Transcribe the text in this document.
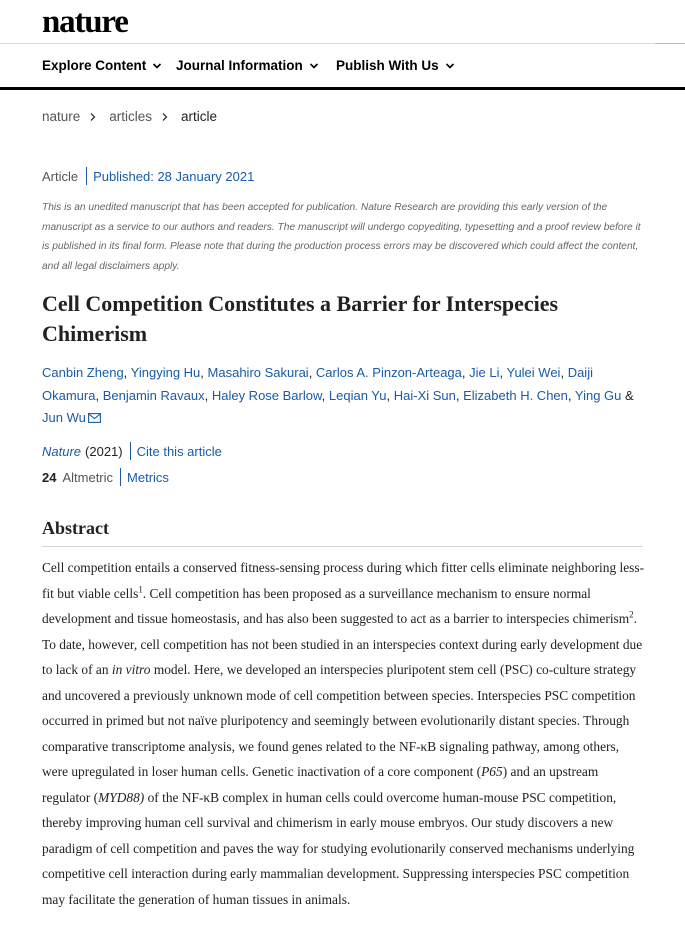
nature
Explore Content Journal Information Publish With Us
nature articles article
Article Published: 28 January 2021
This is an unedited manuscript that has been accepted for publication. Nature Research are providing this early version of the manuscript as a service to our authors and readers. The manuscript will undergo copyediting, typesetting and a proof review before it is published in its final form. Please note that during the production process errors may be discovered which could affect the content, and all legal disclaimers apply.
Cell Competition Constitutes a Barrier for Interspecies Chimerism
Canbin Zheng, Yingying Hu, Masahiro Sakurai, Carlos A. Pinzon-Arteaga, Jie Li, Yulei Wei, Daiji Okamura, Benjamin Ravaux, Haley Rose Barlow, Leqian Yu, Hai-Xi Sun, Elizabeth H. Chen, Ying Gu & Jun Wu
Nature (2021) Cite this article
24 Altmetric Metrics
Abstract

Cell competition entails a conserved fitness-sensing process during which fitter cells eliminate neighboring less-fit but viable cells$^1$. Cell competition has been proposed as a surveillance mechanism to ensure normal development and tissue homeostasis, and has also been suggested to act as a barrier to interspecies chimerism$^2$. To date, however, cell competition has not been studied in an interspecies context during early development due to lack of an in vitro model. Here, we developed an interspecies pluripotent stem cell (PSC) co-culture strategy and uncovered a previously unknown mode of cell competition between species. Interspecies PSC competition occurred in primed but not naïve pluripotency and seemingly between evolutionarily distant species. Through comparative transcriptome analysis, we found genes related to the NF-κB signaling pathway, among others, were upregulated in loser human cells. Genetic inactivation of a core component (P65) and an upstream regulator (MYD88) of the NF-κB complex in human cells could overcome human-mouse PSC competition, thereby improving human cell survival and chimerism in early mouse embryos. Our study discovers a new paradigm of cell competition and paves the way for studying evolutionarily conserved mechanisms underlying competitive cell interaction during early mammalian development. Suppressing interspecies PSC competition may facilitate the generation of human tissues in animals.
